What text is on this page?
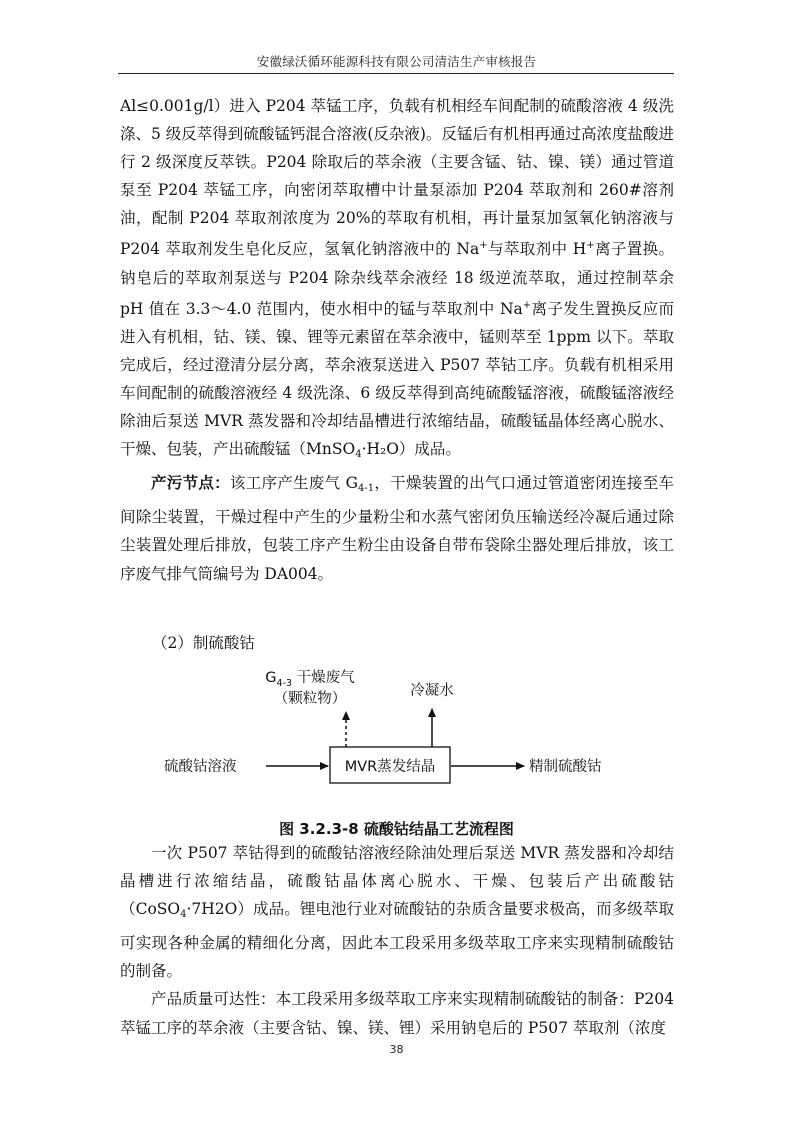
安徽绿沃循环能源科技有限公司清洁生产审核报告

Al≤0.001g/l）进入 P204 萃锰工序，负载有机相经车间配制的硫酸溶液 4 级洗涤、5 级反萃得到硫酸锰钙混合溶液(反杂液)。反锰后有机相再通过高浓度盐酸进行 2 级深度反萃铁。P204 除取后的萃余液（主要含锰、钴、镍、镁）通过管道泵至 P204 萃锰工序，向密闭萃取槽中计量泵添加 P204 萃取剂和 260#溶剂油，配制 P204 萃取剂浓度为 20%的萃取有机相，再计量泵加氢氧化钠溶液与 P204 萃取剂发生皂化反应，氢氧化钠溶液中的 Na+与萃取剂中 H+离子置换。钠皂后的萃取剂泵送与 P204 除杂线萃余液经 18 级逆流萃取，通过控制萃余 pH 值在 3.3～4.0 范围内，使水相中的锰与萃取剂中 Na+离子发生置换反应而进入有机相，钴、镁、镍、锂等元素留在萃余液中，锰则萃至 1ppm 以下。萃取完成后，经过澄清分层分离，萃余液泵送进入 P507 萃钴工序。负载有机相采用车间配制的硫酸溶液经 4 级洗涤、6 级反萃得到高纯硫酸锰溶液，硫酸锰溶液经除油后泵送 MVR 蒸发器和冷却结晶槽进行浓缩结晶，硫酸锰晶体经离心脱水、干燥、包装，产出硫酸锰（MnSO$_4$·H₂O）成品。

产污节点：该工序产生废气 $G_{4-1}$，干燥装置的出气口通过管道密闭连接至车间除尘装置，干燥过程中产生的少量粉尘和水蒸气密闭负压输送经冷凝后通过除尘装置处理后排放，包装工序产生粉尘由设备自带布袋除尘器处理后排放，该工序废气排气筒编号为 DA004。

（2）制硫酸钴
$G_{4-3}$ 干燥废气
（颗粒物）	冷凝水
MVR蒸发结晶
硫酸钴溶液	精制硫酸钴
图 3.2.3-8 硫酸钴结晶工艺流程图

一次 P507 萃钴得到的硫酸钴溶液经除油处理后泵送 MVR 蒸发器和冷却结晶槽进行浓缩结晶，硫酸钴晶体离心脱水、干燥、包装后产出硫酸钴（CoSO$_4$·7H2O）成品。锂电池行业对硫酸钴的杂质含量要求极高，而多级萃取可实现各种金属的精细化分离，因此本工段采用多级萃取工序来实现精制硫酸钴的制备。

产品质量可达性：本工段采用多级萃取工序来实现精制硫酸钴的制备：P204 萃锰工序的萃余液（主要含钴、镍、镁、锂）采用钠皂后的 P507 萃取剂（浓度

38
